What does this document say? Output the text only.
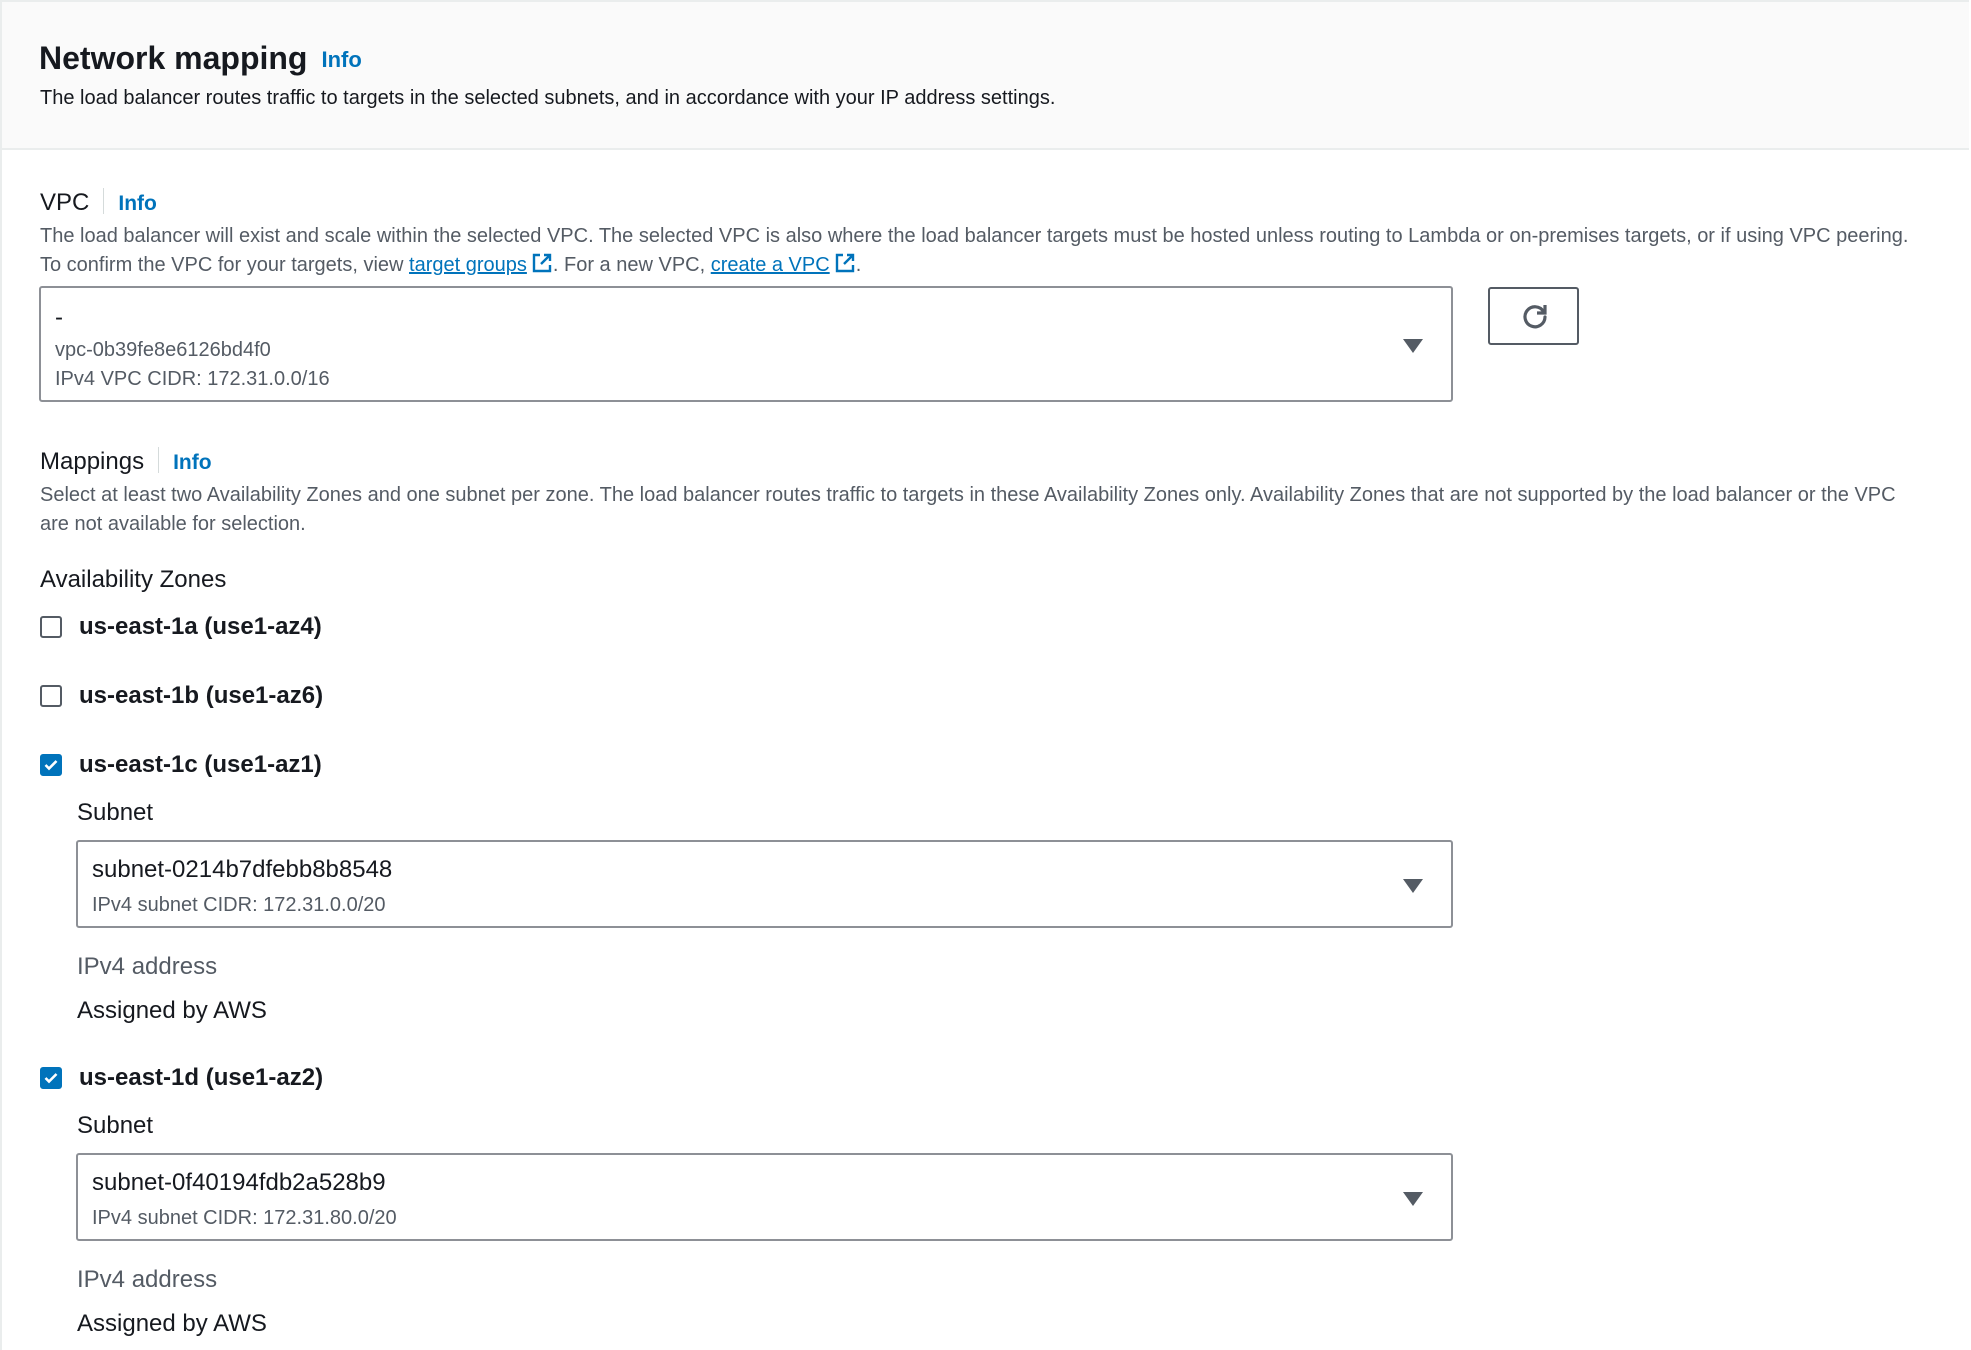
Network mapping Info
The load balancer routes traffic to targets in the selected subnets, and in accordance with your IP address settings.
VPC Info
The load balancer will exist and scale within the selected VPC. The selected VPC is also where the load balancer targets must be hosted unless routing to Lambda or on-premises targets, or if using VPC peering. To confirm the VPC for your targets, view target groups . For a new VPC, create a VPC .
-
vpc-0b39fe8e6126bd4f0
IPv4 VPC CIDR: 172.31.0.0/16
Mappings Info
Select at least two Availability Zones and one subnet per zone. The load balancer routes traffic to targets in these Availability Zones only. Availability Zones that are not supported by the load balancer or the VPC are not available for selection.
Availability Zones
us-east-1a (use1-az4)
us-east-1b (use1-az6)
us-east-1c (use1-az1)
Subnet
subnet-0214b7dfebb8b8548
IPv4 subnet CIDR: 172.31.0.0/20
IPv4 address
Assigned by AWS
us-east-1d (use1-az2)
Subnet
subnet-0f40194fdb2a528b9
IPv4 subnet CIDR: 172.31.80.0/20
IPv4 address
Assigned by AWS
